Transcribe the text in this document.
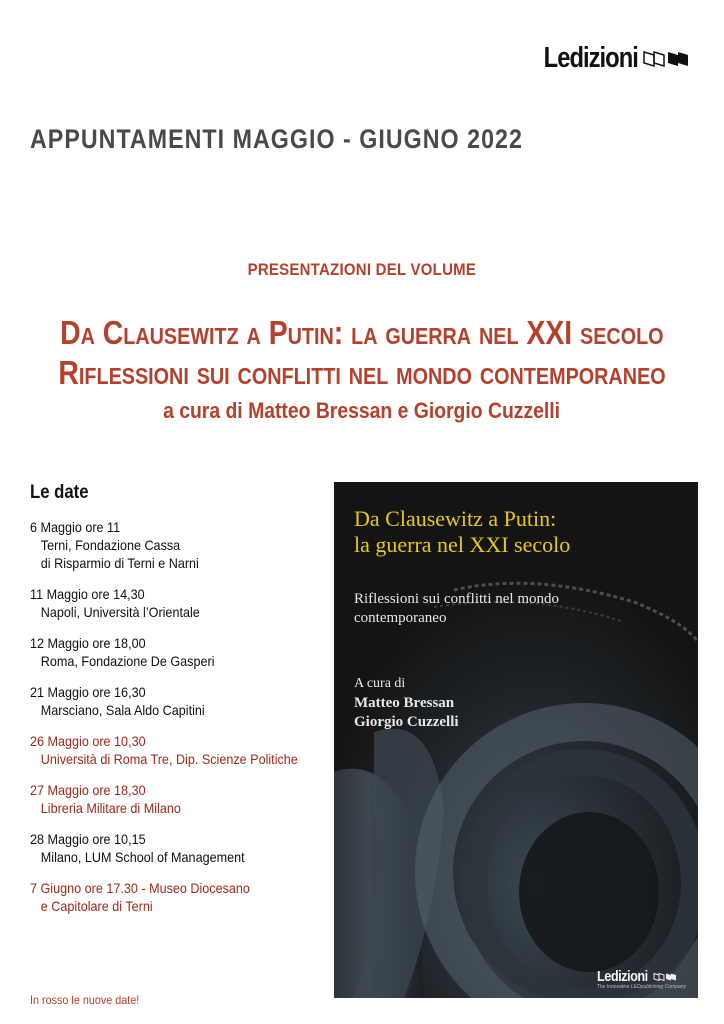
Ledizioni
APPUNTAMENTI MAGGIO - GIUGNO 2022
PRESENTAZIONI DEL VOLUME
Da Clausewitz a Putin: la guerra nel XXI secolo
Riflessioni sui conflitti nel mondo contemporaneo
a cura di Matteo Bressan e Giorgio Cuzzelli
Le date
6 Maggio ore 11
Terni, Fondazione Cassa
di Risparmio di Terni e Narni
11 Maggio ore 14,30
Napoli, Università l’Orientale
12 Maggio ore 18,00
Roma, Fondazione De Gasperi
21 Maggio ore 16,30
Marsciano, Sala Aldo Capitini
26 Maggio ore 10,30
Università di Roma Tre, Dip. Scienze Politiche
27 Maggio ore 18,30
Libreria Militare di Milano
28 Maggio ore 10,15
Milano, LUM School of Management
7 Giugno ore 17.30 - Museo Diocesano
e Capitolare di Terni
In rosso le nuove date!
Da Clausewitz a Putin:
la guerra nel XXI secolo
Riflessioni sui conflitti nel mondo
contemporaneo
A cura di
Matteo Bressan
Giorgio Cuzzelli
Ledizioni
The Innovative LEDpublishing Company
